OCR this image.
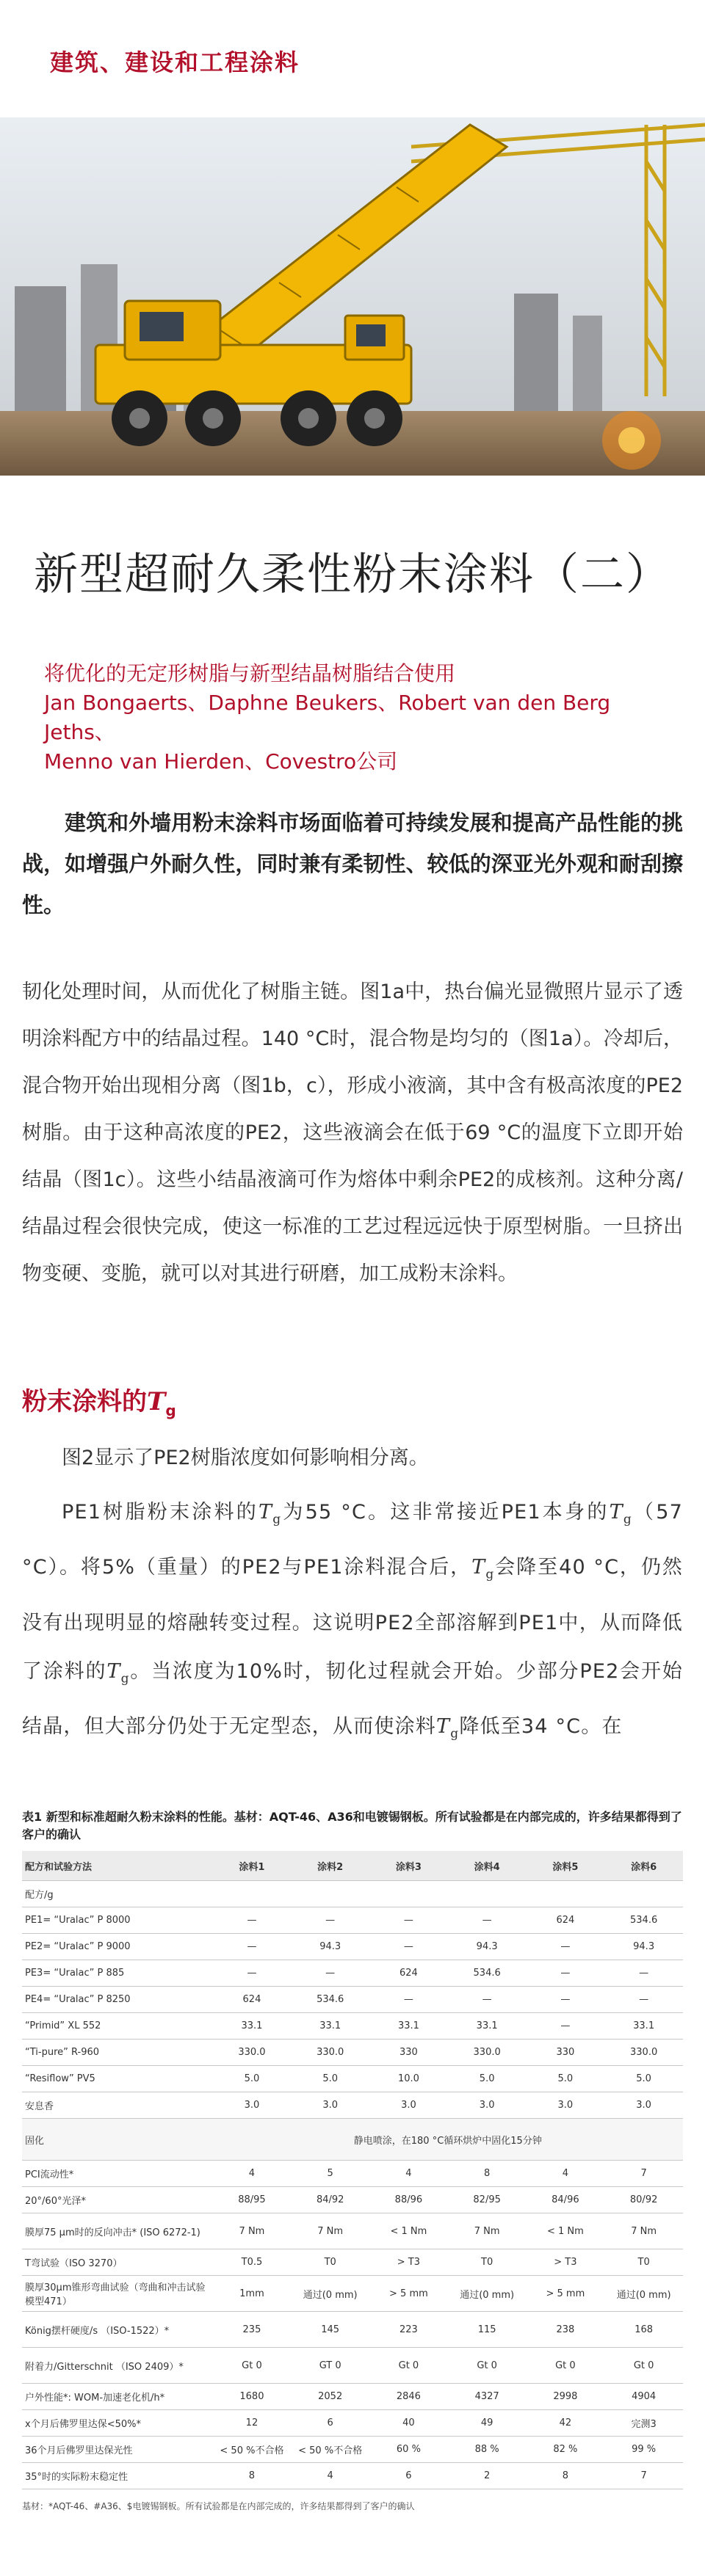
建筑、建设和工程涂料
新型超耐久柔性粉末涂料（二）
将优化的无定形树脂与新型结晶树脂结合使用
Jan Bongaerts、Daphne Beukers、Robert van den Berg Jeths、
Menno van Hierden、Covestro公司
建筑和外墙用粉末涂料市场面临着可持续发展和提高产品性能的挑战，如增强户外耐久性，同时兼有柔韧性、较低的深亚光外观和耐刮擦性。
韧化处理时间，从而优化了树脂主链。图1a中，热台偏光显微照片显示了透明涂料配方中的结晶过程。140 °C时，混合物是均匀的（图1a）。冷却后，混合物开始出现相分离（图1b，c），形成小液滴，其中含有极高浓度的PE2树脂。由于这种高浓度的PE2，这些液滴会在低于69 °C的温度下立即开始结晶（图1c）。这些小结晶液滴可作为熔体中剩余PE2的成核剂。这种分离/结晶过程会很快完成，使这一标准的工艺过程远远快于原型树脂。一旦挤出物变硬、变脆，就可以对其进行研磨，加工成粉末涂料。
粉末涂料的$T_g$
图2显示了PE2树脂浓度如何影响相分离。
PE1树脂粉末涂料的$T_g$为55 °C。这非常接近PE1本身的$T_g(57$ °C）。将5%（重量）的PE2与PE1涂料混合后，$T_g$会降至40 °C，仍然没有出现明显的熔融转变过程。这说明PE2全部溶解到PE1中，从而降低了涂料的$T_g$。当浓度为10%时，韧化过程就会开始。少部分PE2会开始结晶，但大部分仍处于无定型态，从而使涂料$T_g$降低至34 °C。在
表1 新型和标准超耐久粉末涂料的性能。基材：AQT-46、A36和电镀锡钢板。所有试验都是在内部完成的，许多结果都得到了客户的确认
配方和试验方法	涂料1	涂料2	涂料3	涂料4	涂料5	涂料6
配方/g						
PE1= “Uralac” P 8000	—	—	—	—	624	534.6
PE2= “Uralac” P 9000	—	94.3	—	94.3	—	94.3
PE3= “Uralac” P 885	—	—	624	534.6	—	—
PE4= “Uralac” P 8250	624	534.6	—	—	—	—
“Primid” XL 552	33.1	33.1	33.1	33.1	—	33.1
“Ti-pure” R-960	330.0	330.0	330	330.0	330	330.0
“Resiflow” PV5	5.0	5.0	10.0	5.0	5.0	5.0
安息香	3.0	3.0	3.0	3.0	3.0	3.0
固化	静电喷涂，在180 °C循环烘炉中固化15分钟					
PCI流动性*	4	5	4	8	4	7
20°/60°光泽*	88/95	84/92	88/96	82/95	84/96	80/92
膜厚75 μm时的反向冲击* (ISO 6272-1)	7 Nm	7 Nm	< 1 Nm	7 Nm	< 1 Nm	7 Nm
T弯试验（ISO 3270）	T0.5	T0	> T3	T0	> T3	T0
膜厚30μm锥形弯曲试验（弯曲和冲击试验模型471）	1mm	通过(0 mm)	> 5 mm	通过(0 mm)	> 5 mm	通过(0 mm)
König摆杆硬度/s （ISO-1522）*	235	145	223	115	238	168
附着力/Gitterschnit （ISO 2409）*	Gt 0	GT 0	Gt 0	Gt 0	Gt 0	Gt 0
户外性能*: WOM-加速老化机/h*	1680	2052	2846	4327	2998	4904
x个月后佛罗里达保<50%*	12	6	40	49	42	完测3
36个月后佛罗里达保光性	< 50 %不合格	< 50 %不合格	60 %	88 %	82 %	99 %
35°时的实际粉末稳定性	8	4	6	2	8	7
基材：*AQT-46、#A36、$电镀锡钢板。所有试验都是在内部完成的，许多结果都得到了客户的确认
